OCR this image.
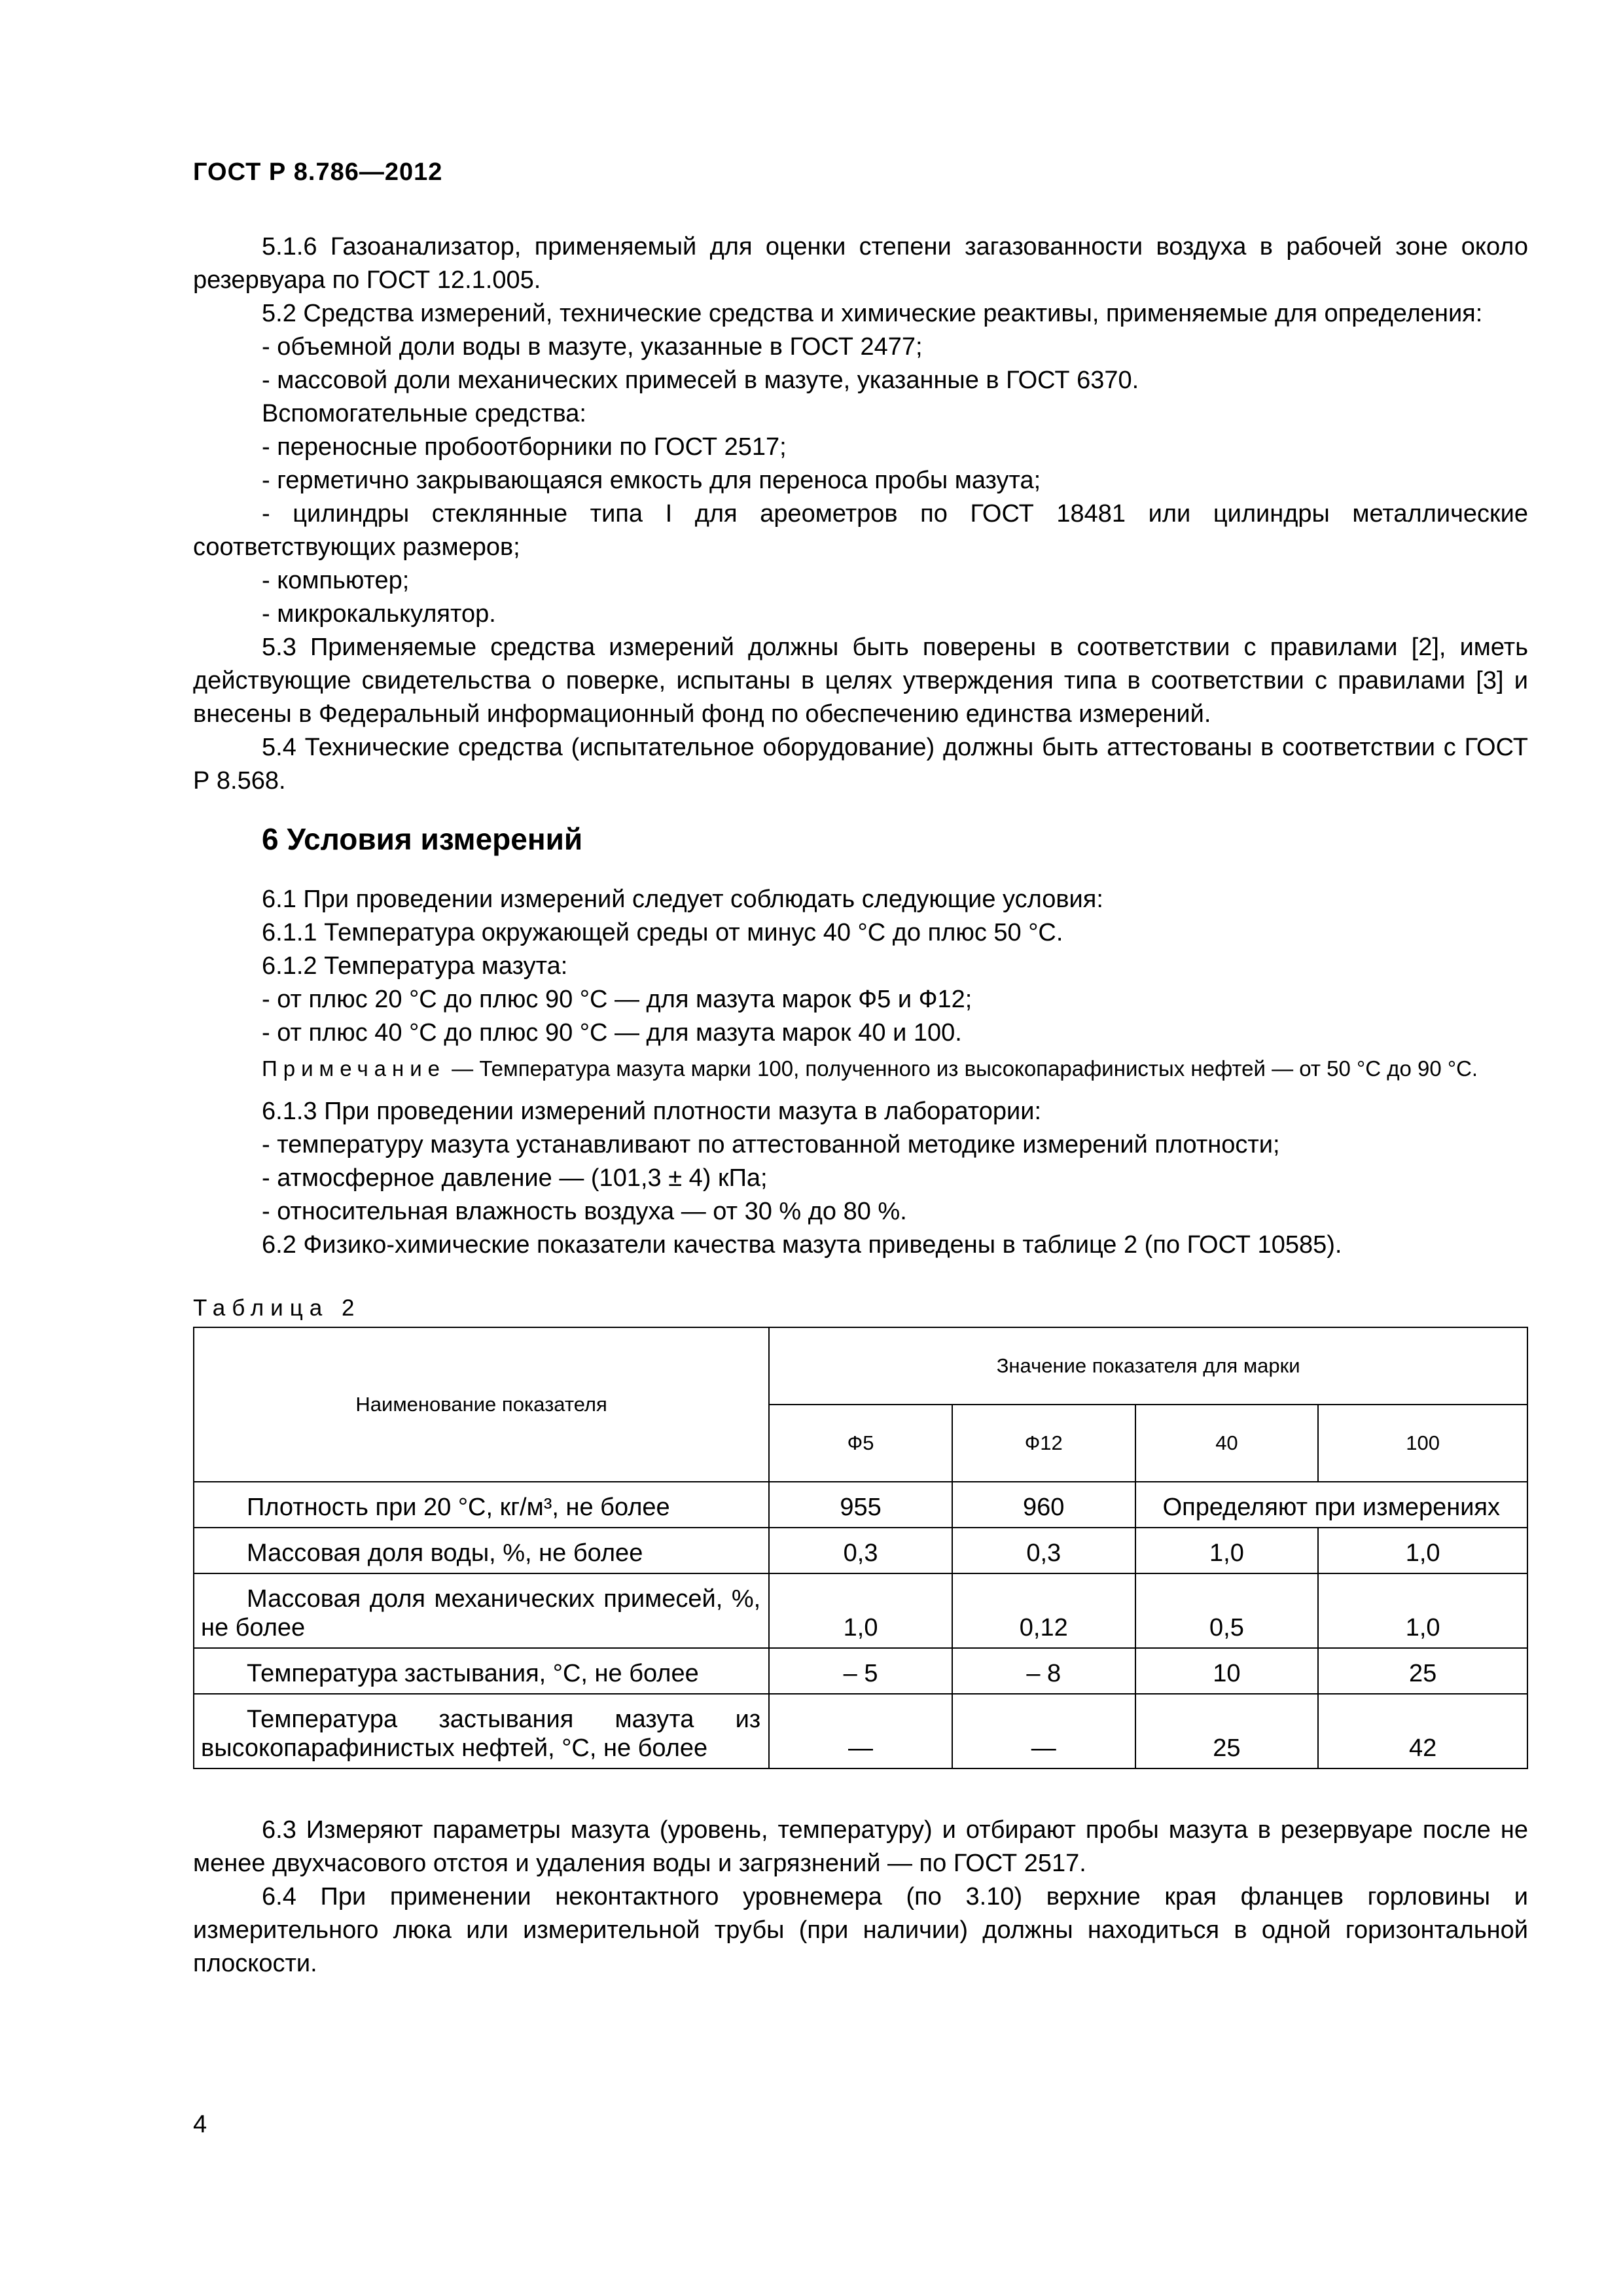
ГОСТ Р 8.786—2012

5.1.6 Газоанализатор, применяемый для оценки степени загазованности воздуха в рабочей зоне около резервуара по ГОСТ 12.1.005.

5.2 Средства измерений, технические средства и химические реактивы, применяемые для определения:

- объемной доли воды в мазуте, указанные в ГОСТ 2477;

- массовой доли механических примесей в мазуте, указанные в ГОСТ 6370.

Вспомогательные средства:

- переносные пробоотборники по ГОСТ 2517;

- герметично закрывающаяся емкость для переноса пробы мазута;

- цилиндры стеклянные типа I для ареометров по ГОСТ 18481 или цилиндры металлические соответствующих размеров;

- компьютер;

- микрокалькулятор.

5.3 Применяемые средства измерений должны быть поверены в соответствии с правилами [2], иметь действующие свидетельства о поверке, испытаны в целях утверждения типа в соответствии с правилами [3] и внесены в Федеральный информационный фонд по обеспечению единства измерений.

5.4 Технические средства (испытательное оборудование) должны быть аттестованы в соответствии с ГОСТ Р 8.568.

6 Условия измерений

6.1 При проведении измерений следует соблюдать следующие условия:

6.1.1 Температура окружающей среды от минус 40 °С до плюс 50 °С.

6.1.2 Температура мазута:

- от плюс 20 °С до плюс 90 °С — для мазута марок Ф5 и Ф12;

- от плюс 40 °С до плюс 90 °С — для мазута марок 40 и 100.

Примечание — Температура мазута марки 100, полученного из высокопарафинистых нефтей — от 50 °С до 90 °С.

6.1.3 При проведении измерений плотности мазута в лаборатории:

- температуру мазута устанавливают по аттестованной методике измерений плотности;

- атмосферное давление — (101,3 ± 4) кПа;

- относительная влажность воздуха — от 30 % до 80 %.

6.2 Физико-химические показатели качества мазута приведены в таблице 2 (по ГОСТ 10585).

Таблица 2

Наименование показателя	Значение показателя для марки			
	Ф5	Ф12	40	100
Плотность при 20 °С, кг/м³, не более	955	960	Определяют при измерениях	
Массовая доля воды, %, не более	0,3	0,3	1,0	1,0
Массовая доля механических примесей, %, не более	1,0	0,12	0,5	1,0
Температура застывания, °С, не более	– 5	– 8	10	25
Температура застывания мазута из высокопарафинистых нефтей, °С, не более	—	—	25	42

6.3 Измеряют параметры мазута (уровень, температуру) и отбирают пробы мазута в резервуаре после не менее двухчасового отстоя и удаления воды и загрязнений — по ГОСТ 2517.

6.4 При применении неконтактного уровнемера (по 3.10) верхние края фланцев горловины и измерительного люка или измерительной трубы (при наличии) должны находиться в одной горизонтальной плоскости.

4
